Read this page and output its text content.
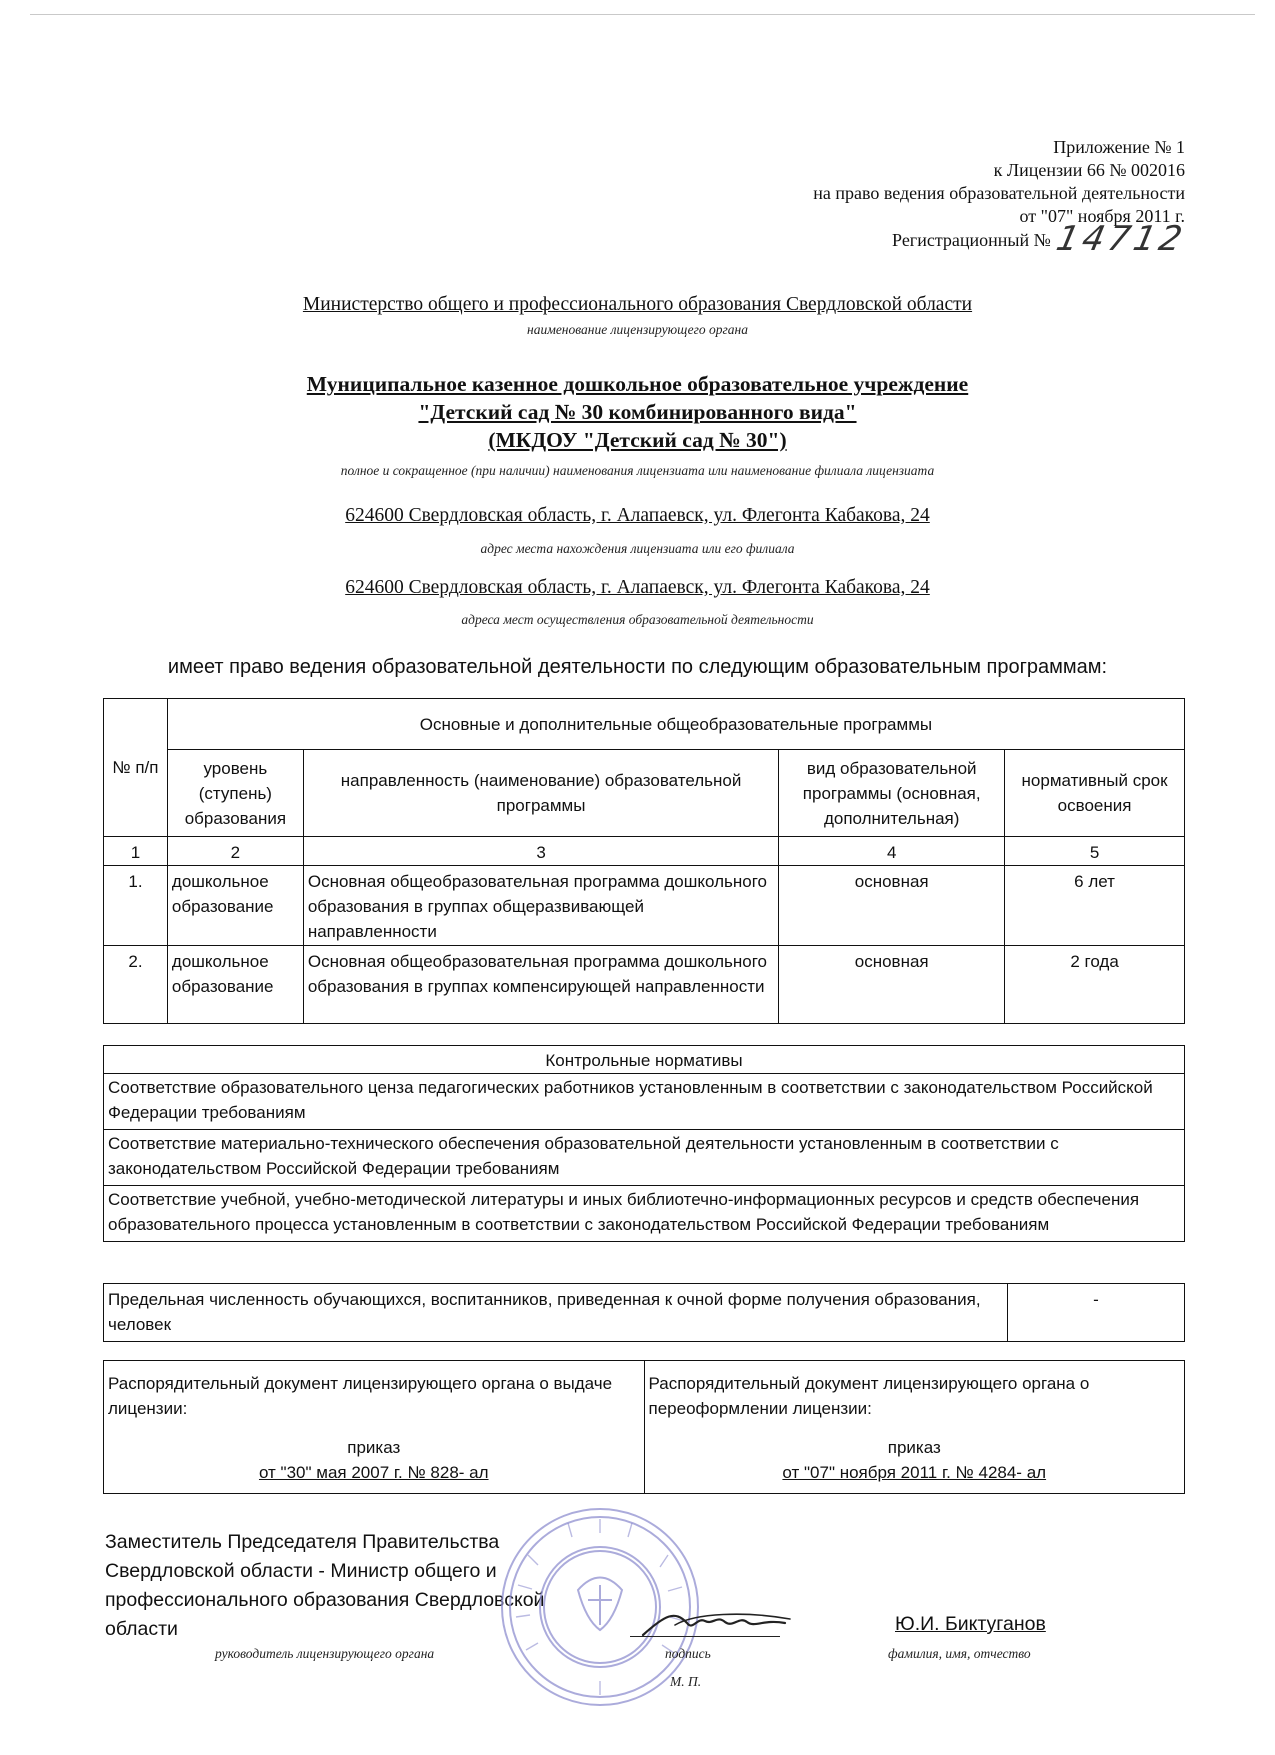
Приложение № 1
к Лицензии 66 № 002016
на право ведения образовательной деятельности
от "07" ноября 2011 г.
Регистрационный №14712
Министерство общего и профессионального образования Свердловской области
наименование лицензирующего органа
Муниципальное казенное дошкольное образовательное учреждение
"Детский сад № 30 комбинированного вида"
(МКДОУ "Детский сад № 30")
полное и сокращенное (при наличии) наименования лицензиата или наименование филиала лицензиата
624600 Свердловская область, г. Алапаевск, ул. Флегонта Кабакова, 24
адрес места нахождения лицензиата или его филиала
624600 Свердловская область, г. Алапаевск, ул. Флегонта Кабакова, 24
адреса мест осуществления образовательной деятельности
имеет право ведения образовательной деятельности по следующим образовательным программам:
№ п/п	Основные и дополнительные общеобразовательные программы			
	уровень (ступень) образования	направленность (наименование) образовательной программы	вид образовательной программы (основная, дополнительная)	нормативный срок освоения
1	2	3	4	5
1.	дошкольное образование	Основная общеобразовательная программа дошкольного образования в группах общеразвивающей направленности	основная	6 лет
2.	дошкольное образование	Основная общеобразовательная программа дошкольного образования в группах компенсирующей направленности	основная	2 года
Контрольные нормативы
Соответствие образовательного ценза педагогических работников установленным в соответствии с законодательством Российской Федерации требованиям
Соответствие материально-технического обеспечения образовательной деятельности установленным в соответствии с законодательством Российской Федерации требованиям
Соответствие учебной, учебно-методической литературы и иных библиотечно-информационных ресурсов и средств обеспечения образовательного процесса установленным в соответствии с законодательством Российской Федерации требованиям
Предельная численность обучающихся, воспитанников, приведенная к очной форме получения образования, человек	-
Распорядительный документ лицензирующего органа о выдаче лицензии:
приказ
от "30" мая 2007 г. № 828- ал

Распорядительный документ лицензирующего органа о переоформлении лицензии:
приказ
от "07" ноября 2011 г. № 4284- ал
Заместитель Председателя Правительства
Свердловской области - Министр общего и
профессионального образования Свердловской
области	Ю.И. Биктуганов
руководитель лицензирующего органа	подпись
М. П.
фамилия, имя, отчество
